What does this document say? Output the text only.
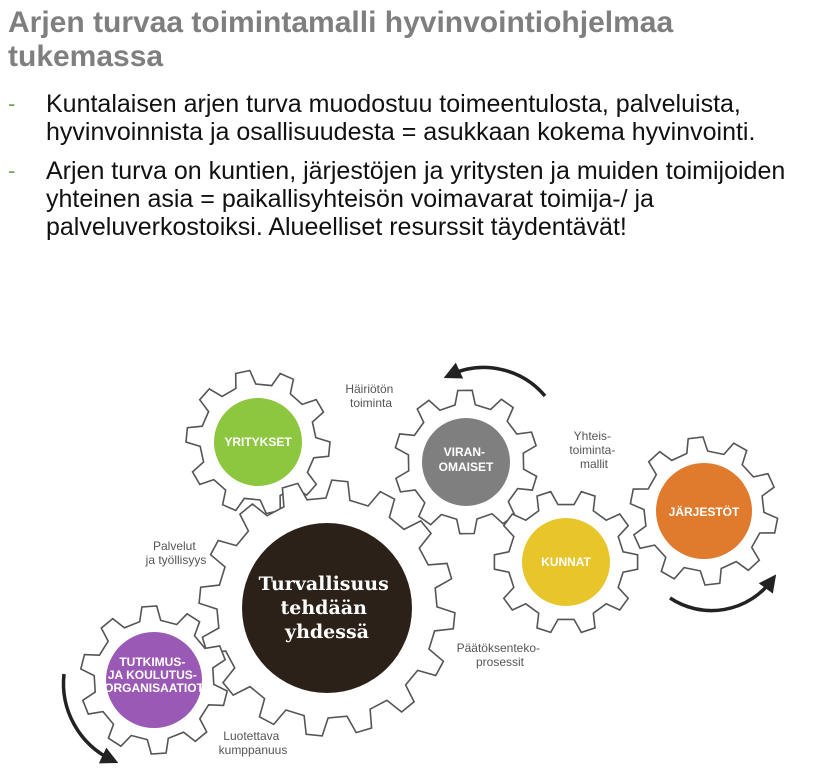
Arjen turvaa toimintamalli hyvinvointiohjelmaa tukemassa
- Kuntalaisen arjen turva muodostuu toimeentulosta, palveluista, hyvinvoinnista ja osallisuudesta = asukkaan kokema hyvinvointi.
- Arjen turva on kuntien, järjestöjen ja yritysten ja muiden toimijoiden yhteinen asia = paikallisyhteisön voimavarat toimija-/ ja palveluverkostoiksi. Alueelliset resurssit täydentävät!
YRITYKSET
VIRAN- OMAISET
JÄRJESTÖT
KUNNAT
Turvallisuus tehdään yhdessä
TUTKIMUS- JA KOULUTUS- ORGANISAATIOT
Häiriötön toiminta
Yhteis- toiminta- mallit
Palvelut ja työllisyys
Päätöksenteko- prosessit
Luotettava kumppanuus
